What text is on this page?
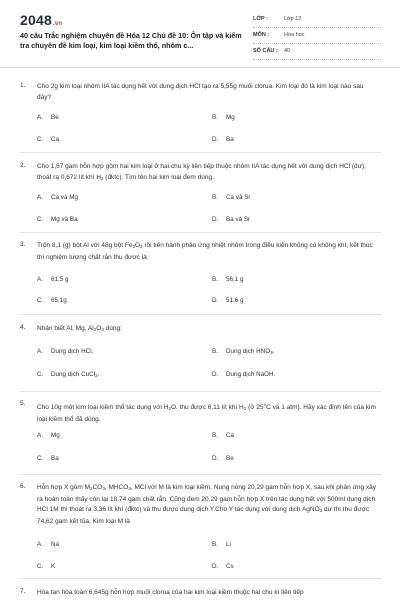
2048.vn
40 câu Trắc nghiệm chuyên đề Hóa 12 Chủ đề 10: Ôn tập và kiểm tra chuyên đề kim loại, kim loại kiềm thổ, nhôm c...
LỚP :	Lớp 12
MÔN :	Hóa học
SỐ CÂU : 40
1. Cho 2g kim loại nhóm IIA tác dụng hết với dung dịch HCl tạo ra 5,55g muối clorua. Kim loại đó là kim loại nào sau đây?
A. Be	B. Mg
C. Ca.	D. Ba
2. Cho 1,67 gam hỗn hợp gồm hai kim loại ở hai chu kỳ liên tiếp thuộc nhóm IIA tác dụng hết với dung dịch HCl (dư), thoát ra 0,672 lít khí $H_2$ (đktc). Tìm tên hai kim loại đem dùng.
A. Ca và Mg	B. Ca và Sr
C. Mg và Ba	D. Ba và Sr
3. Trộn 8,1 (g) bột Al với 48g bột $Fe_2O_3$ rồi tiến hành phản ứng nhiệt nhôm trong điều kiện không có không khí, kết thúc thí nghiệm lượng chất rắn thu được là:
A. 61,5 g	B. 56,1 g
C. 65,1g	D. 51,6 g
4. Nhận biết Al, Mg, $Al_2O_3$ dùng:
A. Dung dịch HCl.	B. Dung dịch $HNO_3$.
C. Dung dịch CuCl$_2$.	D. Dung dịch NaOH.
5.
Cho 10g một kim loại kiềm thổ tác dụng với $H_2O$, thu được 6,11 lít khí $H_2$ (ở 25$^o$C và 1 atm). Hãy xác định tên của kim loại kiềm thổ đã dùng.
A. Mg	B. Ca
C. Ba	D. Be
6. Hỗn hợp X gồm $M_2CO_3$, $MHCO_3$, MCl với M là kim loại kiềm. Nung nóng 20,29 gam hỗn hợp X, sau khi phản ứng xảy ra hoàn toàn thấy còn lại 18,74 gam chất rắn. Cũng đem 20,29 gam hỗn hợp X trên tác dụng hết với 500ml dung dịch HCl 1M thì thoát ra 3,36 lít khí (đktc) và thu được dung dịch Y.Cho Y tác dụng với dung dịch AgNO$_3$ dư thì thu được 74,62 gam kết tủa. Kim loại M là
A. Na	B. Li
C. K	D. Cs
7. Hòa tan hòa toàn 6,645g hỗn hợp muối clorua của hai kim loại kiềm thuộc hai chu kì liên tiếp
